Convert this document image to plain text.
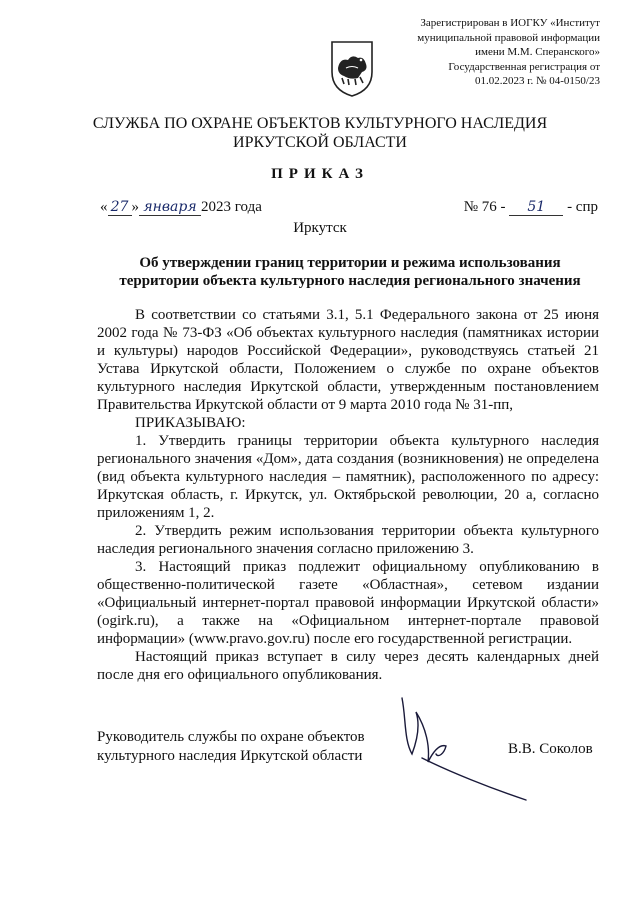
Зарегистрирован в ИОГКУ «Институт
муниципальной правовой информации
имени М.М. Сперанского»
Государственная регистрация от
01.02.2023 г. № 04-0150/23
СЛУЖБА ПО ОХРАНЕ ОБЪЕКТОВ КУЛЬТУРНОГО НАСЛЕДИЯ
ИРКУТСКОЙ ОБЛАСТИ
ПРИКАЗ
« 27 » января 2023 года	№ 76 - 51 - спр
Иркутск
Об утверждении границ территории и режима использования
территории объекта культурного наследия регионального значения

В соответствии со статьями 3.1, 5.1 Федерального закона от 25 июня 2002 года № 73-ФЗ «Об объектах культурного наследия (памятниках истории и культуры) народов Российской Федерации», руководствуясь статьей 21 Устава Иркутской области, Положением о службе по охране объектов культурного наследия Иркутской области, утвержденным постановлением Правительства Иркутской области от 9 марта 2010 года № 31-пп,

ПРИКАЗЫВАЮ:

1. Утвердить границы территории объекта культурного наследия регионального значения «Дом», дата создания (возникновения) не определена (вид объекта культурного наследия – памятник), расположенного по адресу: Иркутская область, г. Иркутск, ул. Октябрьской революции, 20 а, согласно приложениям 1, 2.

2. Утвердить режим использования территории объекта культурного наследия регионального значения согласно приложению 3.

3. Настоящий приказ подлежит официальному опубликованию в общественно-политической газете «Областная», сетевом издании «Официальный интернет-портал правовой информации Иркутской области» (ogirk.ru), а также на «Официальном интернет-портале правовой информации» (www.pravo.gov.ru) после его государственной регистрации.

Настоящий приказ вступает в силу через десять календарных дней после дня его официального опубликования.

Руководитель службы по охране объектов
культурного наследия Иркутской области	В.В. Соколов
